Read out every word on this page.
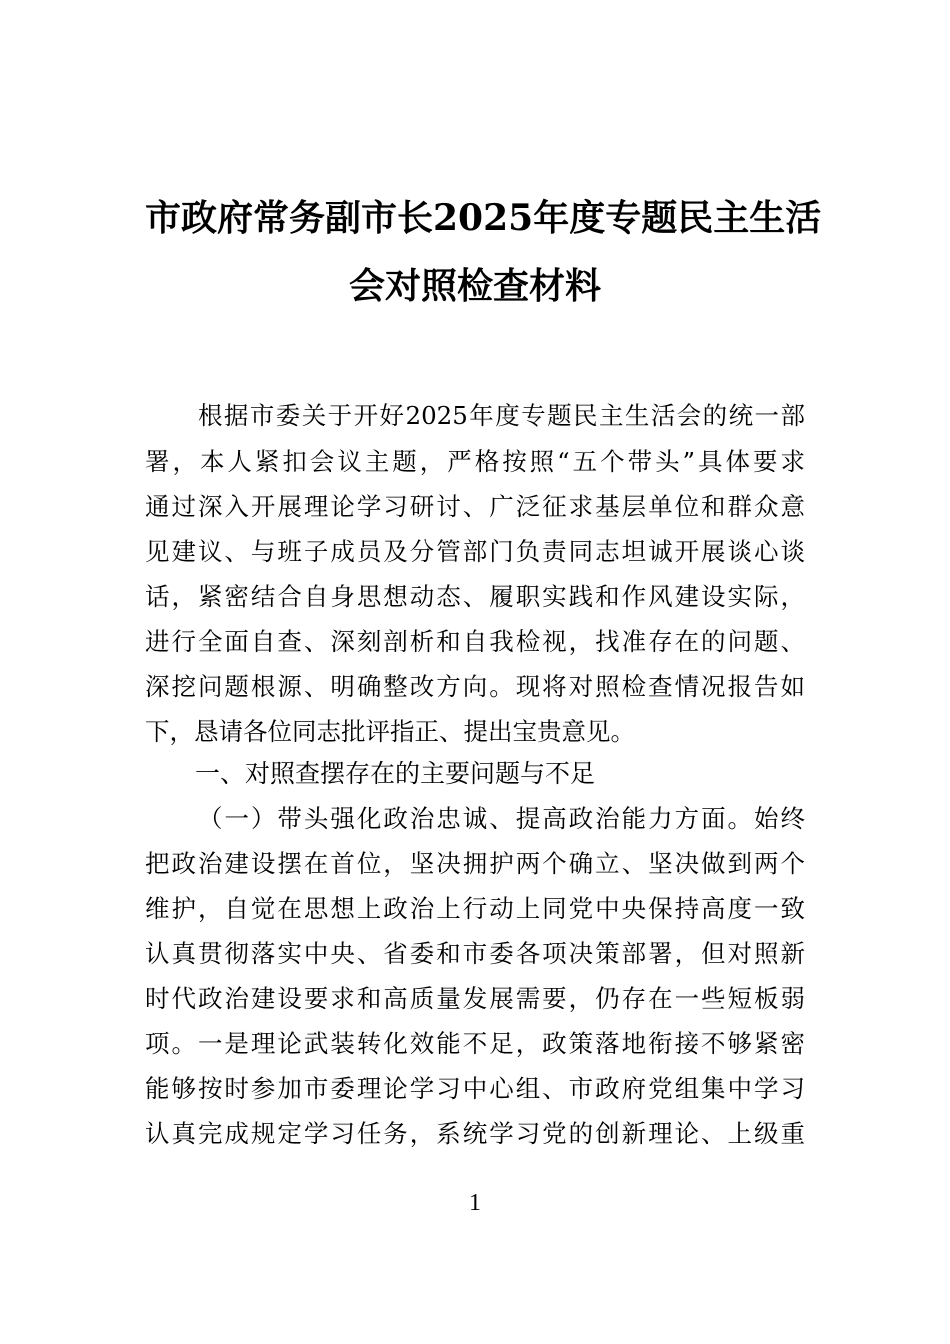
市政府常务副市长2025年度专题民主生活
会对照检查材料
根据市委关于开好2025年度专题民主生活会的统一部
署，本人紧扣会议主题，严格按照“五个带头”具体要求
通过深入开展理论学习研讨、广泛征求基层单位和群众意
见建议、与班子成员及分管部门负责同志坦诚开展谈心谈
话，紧密结合自身思想动态、履职实践和作风建设实际，
进行全面自查、深刻剖析和自我检视，找准存在的问题、
深挖问题根源、明确整改方向。现将对照检查情况报告如
下，恳请各位同志批评指正、提出宝贵意见。
一、对照查摆存在的主要问题与不足
（一）带头强化政治忠诚、提高政治能力方面。始终
把政治建设摆在首位，坚决拥护两个确立、坚决做到两个
维护，自觉在思想上政治上行动上同党中央保持高度一致
认真贯彻落实中央、省委和市委各项决策部署，但对照新
时代政治建设要求和高质量发展需要，仍存在一些短板弱
项。一是理论武装转化效能不足，政策落地衔接不够紧密
能够按时参加市委理论学习中心组、市政府党组集中学习
认真完成规定学习任务，系统学习党的创新理论、上级重
1
